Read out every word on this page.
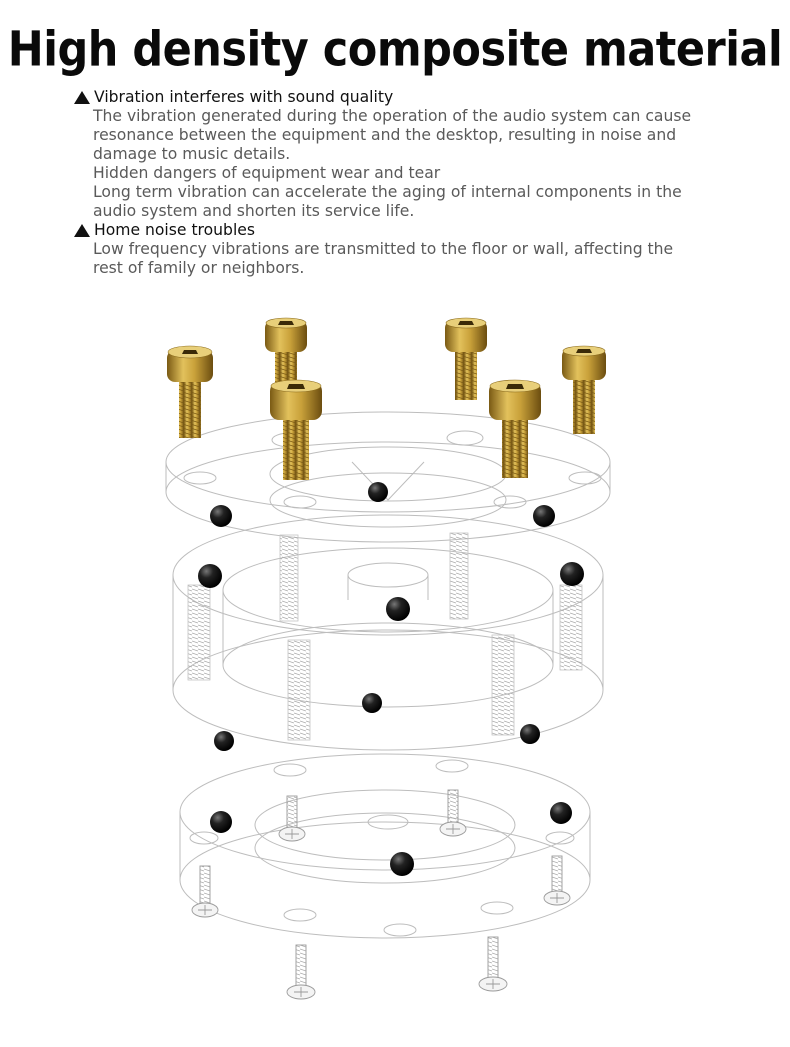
High density composite material
Vibration interferes with sound quality
The vibration generated during the operation of the audio system can cause
resonance between the equipment and the desktop, resulting in noise and
damage to music details.
Hidden dangers of equipment wear and tear
Long term vibration can accelerate the aging of internal components in the
audio system and shorten its service life.
Home noise troubles
Low frequency vibrations are transmitted to the floor or wall, affecting the
rest of family or neighbors.
